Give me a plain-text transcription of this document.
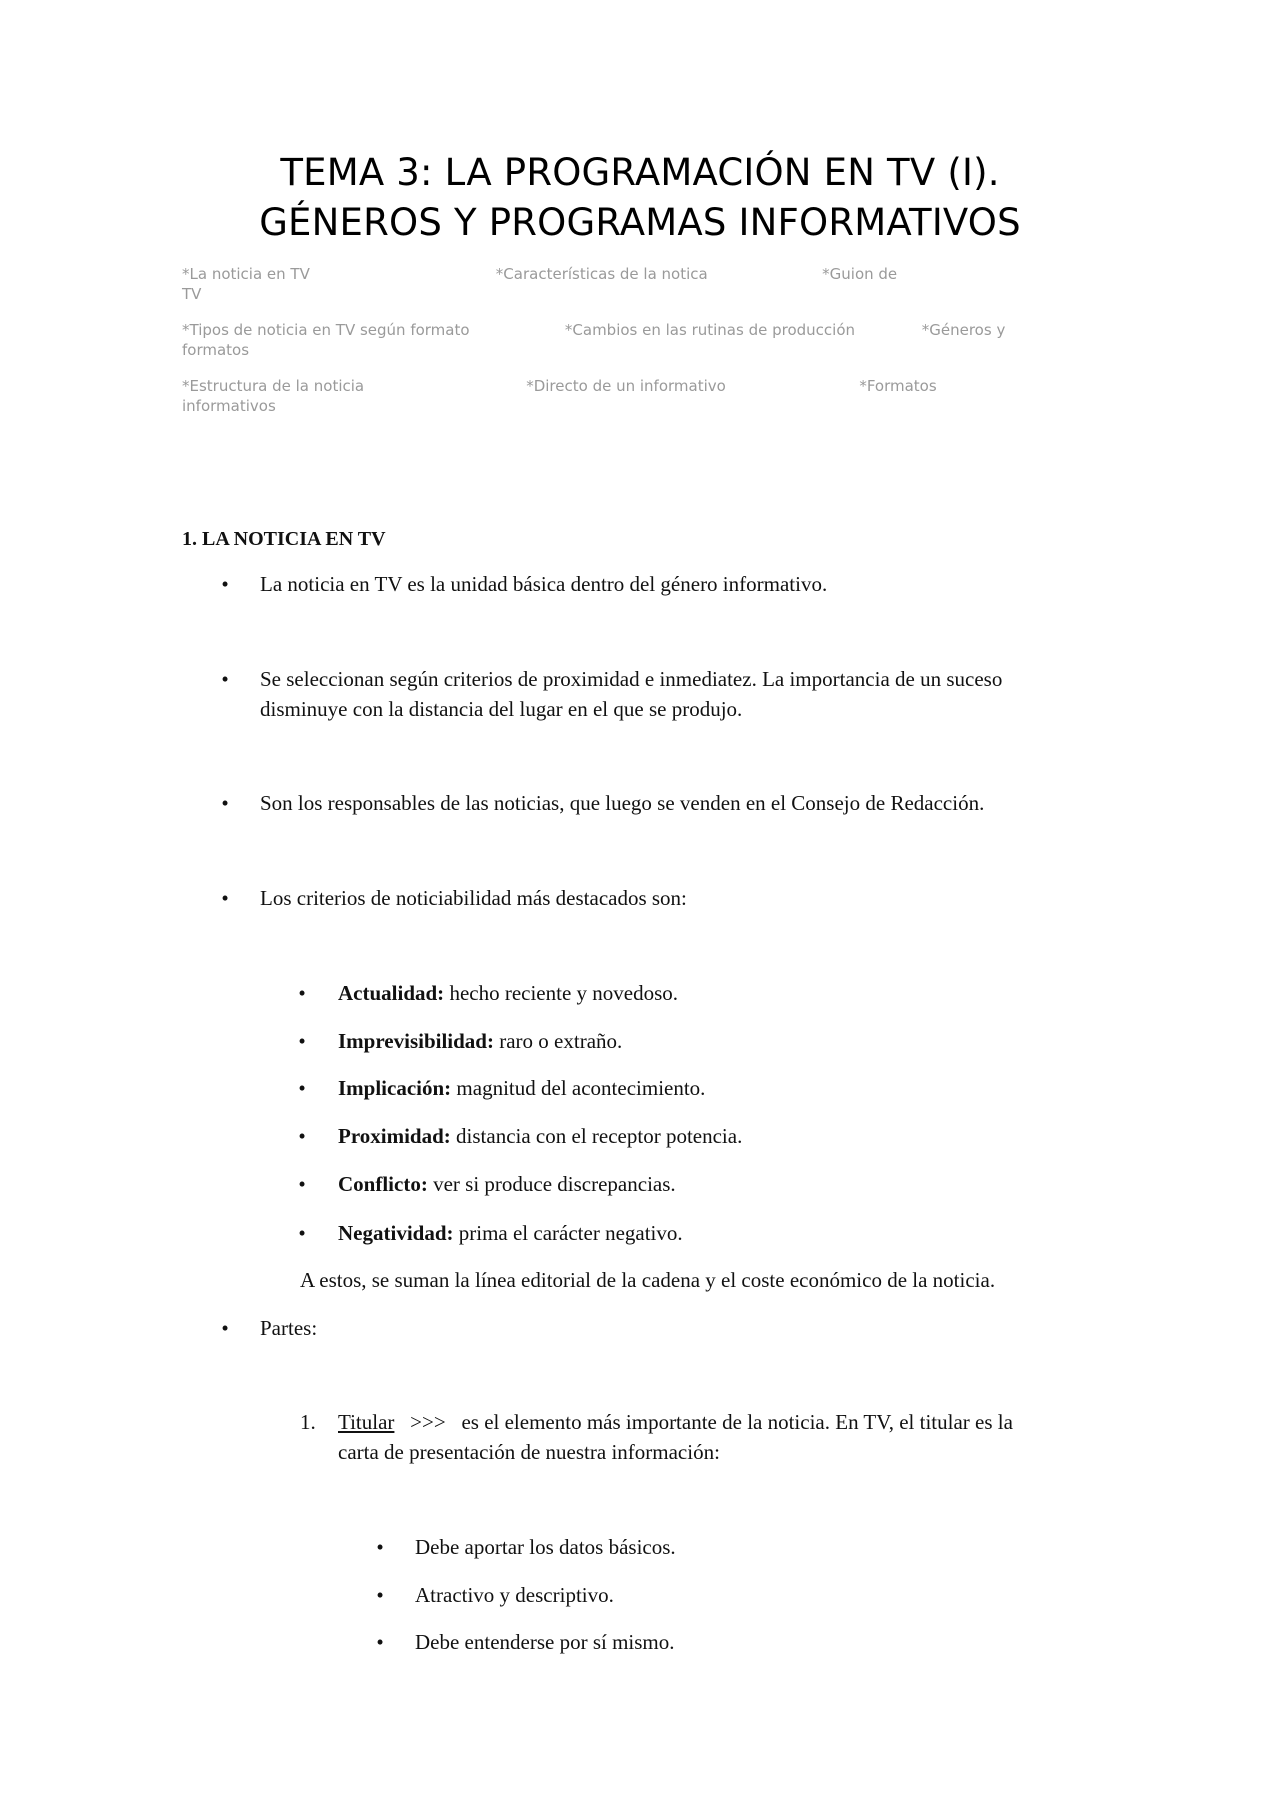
TEMA 3: LA PROGRAMACIÓN EN TV (I).
GÉNEROS Y PROGRAMAS INFORMATIVOS
*La noticia en TV                                       *Características de la notica                        *Guion de
TV
*Tipos de noticia en TV según formato                    *Cambios en las rutinas de producción              *Géneros y
formatos
*Estructura de la noticia                                  *Directo de un informativo                            *Formatos
informativos
1. LA NOTICIA EN TV
•	La noticia en TV es la unidad básica dentro del género informativo.
•	Se seleccionan según criterios de proximidad e inmediatez. La importancia de un suceso
disminuye con la distancia del lugar en el que se produjo.
•	Son los responsables de las noticias, que luego se venden en el Consejo de Redacción.
•	Los criterios de noticiabilidad más destacados son:
•	Actualidad: hecho reciente y novedoso.
•	Imprevisibilidad: raro o extraño.
•	Implicación: magnitud del acontecimiento.
•	Proximidad: distancia con el receptor potencia.
•	Conflicto: ver si produce discrepancias.
•	Negatividad: prima el carácter negativo.
A estos, se suman la línea editorial de la cadena y el coste económico de la noticia.
•	Partes:
1. Titular >>> es el elemento más importante de la noticia. En TV, el titular es la
carta de presentación de nuestra información:
•	Debe aportar los datos básicos.
•	Atractivo y descriptivo.
•	Debe entenderse por sí mismo.
